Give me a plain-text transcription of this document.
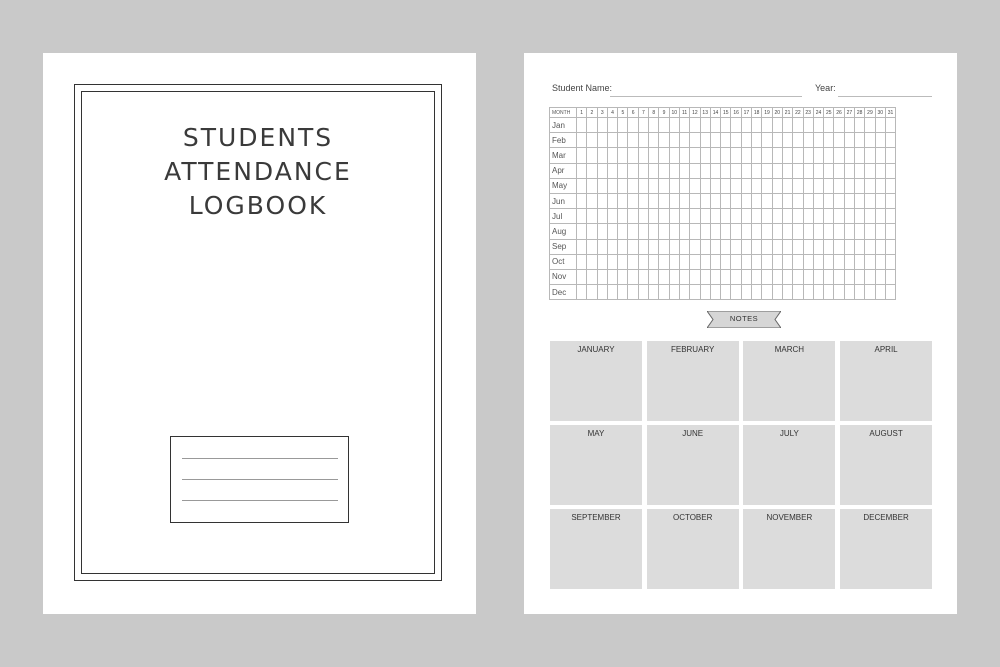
STUDENTS
ATTENDANCE
LOGBOOK
Student Name:	Year:
MONTH	1	2	3	4	5	6	7	8	9	10	11	12	13	14	15	16	17	18	19	20	21	22	23	24	25	26	27	28	29	30	31
Jan																															
Feb																															
Mar																															
Apr																															
May																															
Jun																															
Jul																															
Aug																															
Sep																															
Oct																															
Nov																															
Dec																															
NOTES
JANUARY	FEBRUARY	MARCH	APRIL
MAY	JUNE	JULY	AUGUST
SEPTEMBER	OCTOBER	NOVEMBER	DECEMBER
